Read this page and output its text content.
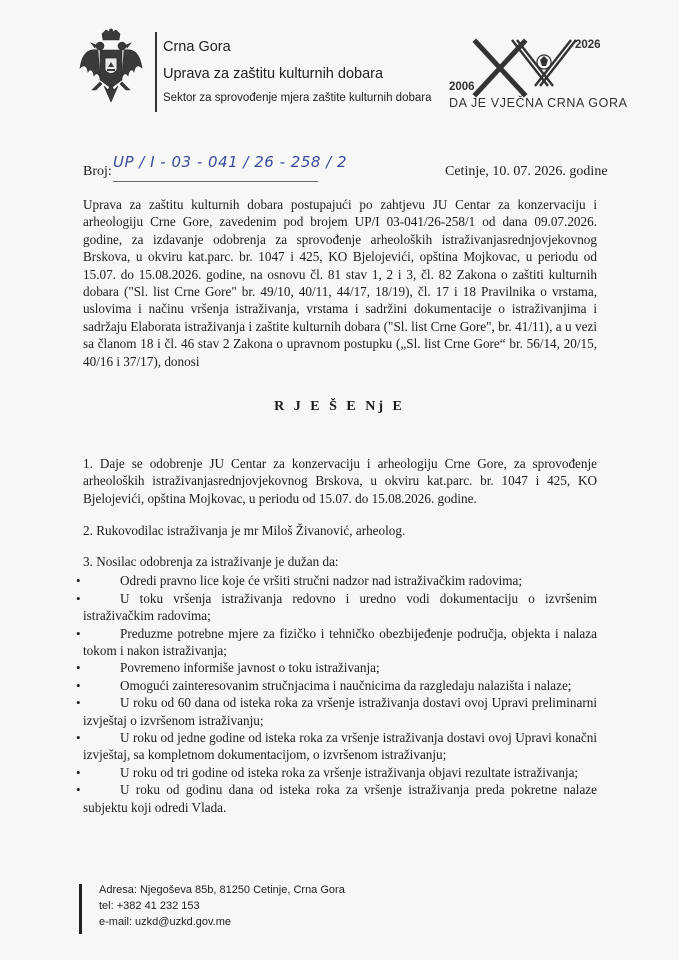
Crna Gora
Uprava za zaštitu kulturnih dobara
Sektor za sprovođenje mjera zaštite kulturnih dobara
2026
2006
DA JE VJEČNA CRNA GORA
Broj:
UP / I - 03 - 041 / 26 - 258 / 2
Cetinje, 10. 07. 2026. godine
Uprava za zaštitu kulturnih dobara postupajući po zahtjevu JU Centar za konzervaciju i arheologiju Crne Gore, zavedenim pod brojem UP/I 03-041/26-258/1 od dana 09.07.2026. godine, za izdavanje odobrenja za sprovođenje arheoloških istraživanjasrednjovjekovnog Brskova, u okviru kat.parc. br. 1047 i 425, KO Bjelojevići, opština Mojkovac, u periodu od 15.07. do 15.08.2026. godine, na osnovu čl. 81 stav 1, 2 i 3, čl. 82 Zakona o zaštiti kulturnih dobara ("Sl. list Crne Gore" br. 49/10, 40/11, 44/17, 18/19), čl. 17 i 18 Pravilnika o vrstama, uslovima i načinu vršenja istraživanja, vrstama i sadržini dokumentacije o istraživanjima i sadržaju Elaborata istraživanja i zaštite kulturnih dobara ("Sl. list Crne Gore", br. 41/11), a u vezi sa članom 18 i čl. 46 stav 2 Zakona o upravnom postupku („Sl. list Crne Gore“ br. 56/14, 20/15, 40/16 i 37/17), donosi
R J E Š E Nj E
1. Daje se odobrenje JU Centar za konzervaciju i arheologiju Crne Gore, za sprovođenje arheoloških istraživanjasrednjovjekovnog Brskova, u okviru kat.parc. br. 1047 i 425, KO Bjelojevići, opština Mojkovac, u periodu od 15.07. do 15.08.2026. godine.
2. Rukovodilac istraživanja je mr Miloš Živanović, arheolog.
3. Nosilac odobrenja za istraživanje je dužan da:
• Odredi pravno lice koje će vršiti stručni nadzor nad istraživačkim radovima;
• U toku vršenja istraživanja redovno i uredno vodi dokumentaciju o izvršenim istraživačkim radovima;
• Preduzme potrebne mjere za fizičko i tehničko obezbijeđenje područja, objekta i nalaza tokom i nakon istraživanja;
• Povremeno informiše javnost o toku istraživanja;
• Omogući zainteresovanim stručnjacima i naučnicima da razgledaju nalazišta i nalaze;
• U roku od 60 dana od isteka roka za vršenje istraživanja dostavi ovoj Upravi preliminarni izvještaj o izvršenom istraživanju;
• U roku od jedne godine od isteka roka za vršenje istraživanja dostavi ovoj Upravi konačni izvještaj, sa kompletnom dokumentacijom, o izvršenom istraživanju;
• U roku od tri godine od isteka roka za vršenje istraživanja objavi rezultate istraživanja;
• U roku od godinu dana od isteka roka za vršenje istraživanja preda pokretne nalaze subjektu koji odredi Vlada.
Adresa: Njegoševa 85b, 81250 Cetinje, Crna Gora
tel: +382 41 232 153
e-mail: uzkd@uzkd.gov.me
